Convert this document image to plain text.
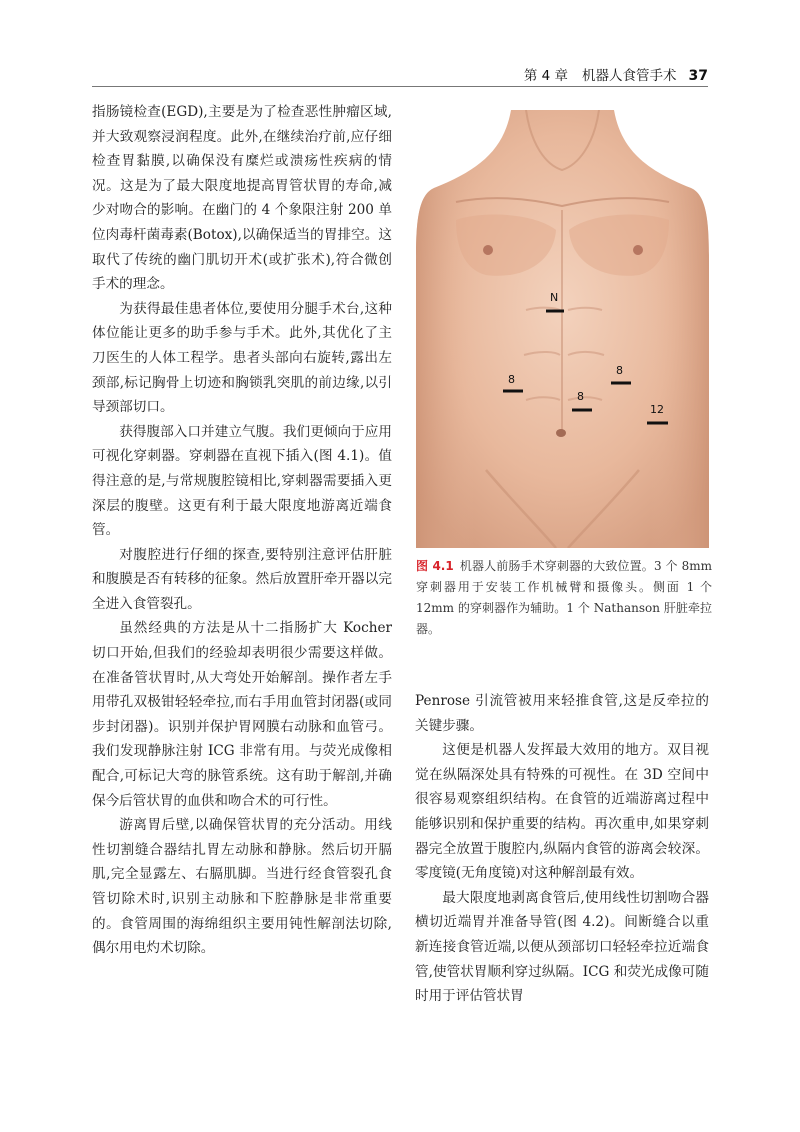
第 4 章 机器人食管手术 37

指肠镜检查(EGD),主要是为了检查恶性肿瘤区域,并大致观察浸润程度。此外,在继续治疗前,应仔细检查胃黏膜,以确保没有糜烂或溃疡性疾病的情况。这是为了最大限度地提高胃管状胃的寿命,减少对吻合的影响。在幽门的 4 个象限注射 200 单位肉毒杆菌毒素(Botox),以确保适当的胃排空。这取代了传统的幽门肌切开术(或扩张术),符合微创手术的理念。

为获得最佳患者体位,要使用分腿手术台,这种体位能让更多的助手参与手术。此外,其优化了主刀医生的人体工程学。患者头部向右旋转,露出左颈部,标记胸骨上切迹和胸锁乳突肌的前边缘,以引导颈部切口。

获得腹部入口并建立气腹。我们更倾向于应用可视化穿刺器。穿刺器在直视下插入(图 4.1)。值得注意的是,与常规腹腔镜相比,穿刺器需要插入更深层的腹壁。这更有利于最大限度地游离近端食管。

对腹腔进行仔细的探查,要特别注意评估肝脏和腹膜是否有转移的征象。然后放置肝牵开器以完全进入食管裂孔。

虽然经典的方法是从十二指肠扩大 Kocher 切口开始,但我们的经验却表明很少需要这样做。在准备管状胃时,从大弯处开始解剖。操作者左手用带孔双极钳轻轻牵拉,而右手用血管封闭器(或同步封闭器)。识别并保护胃网膜右动脉和血管弓。我们发现静脉注射 ICG 非常有用。与荧光成像相配合,可标记大弯的脉管系统。这有助于解剖,并确保今后管状胃的血供和吻合术的可行性。

游离胃后壁,以确保管状胃的充分活动。用线性切割缝合器结扎胃左动脉和静脉。然后切开膈肌,完全显露左、右膈肌脚。当进行经食管裂孔食管切除术时,识别主动脉和下腔静脉是非常重要的。食管周围的海绵组织主要用钝性解剖法切除,偶尔用电灼术切除。

N
8
8
8
12
图 4.1 机器人前肠手术穿刺器的大致位置。3 个 8mm 穿刺器用于安装工作机械臂和摄像头。侧面 1 个 12mm 的穿刺器作为辅助。1 个 Nathanson 肝脏牵拉器。

Penrose 引流管被用来轻推食管,这是反牵拉的关键步骤。

这便是机器人发挥最大效用的地方。双目视觉在纵隔深处具有特殊的可视性。在 3D 空间中很容易观察组织结构。在食管的近端游离过程中能够识别和保护重要的结构。再次重申,如果穿刺器完全放置于腹腔内,纵隔内食管的游离会较深。零度镜(无角度镜)对这种解剖最有效。

最大限度地剥离食管后,使用线性切割吻合器横切近端胃并准备导管(图 4.2)。间断缝合以重新连接食管近端,以便从颈部切口轻轻牵拉近端食管,使管状胃顺利穿过纵隔。ICG 和荧光成像可随时用于评估管状胃
